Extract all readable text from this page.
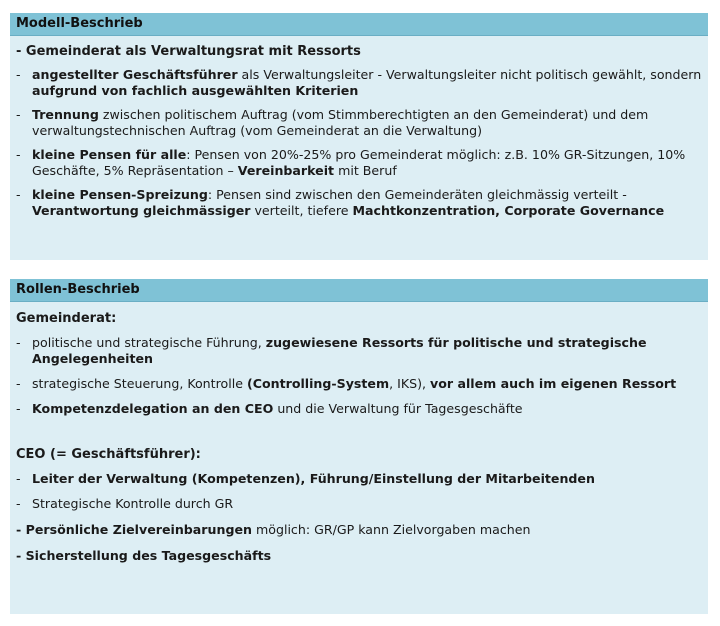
Modell-Beschrieb
- Gemeinderat als Verwaltungsrat mit Ressorts
- angestellter Geschäftsführer als Verwaltungsleiter - Verwaltungsleiter nicht politisch gewählt, sondern aufgrund von fachlich ausgewählten Kriterien
- Trennung zwischen politischem Auftrag (vom Stimmberechtigten an den Gemeinderat) und dem verwaltungstechnischen Auftrag (vom Gemeinderat an die Verwaltung)
- kleine Pensen für alle: Pensen von 20%-25% pro Gemeinderat möglich: z.B. 10% GR-Sitzungen, 10% Geschäfte, 5% Repräsentation – Vereinbarkeit mit Beruf
- kleine Pensen-Spreizung: Pensen sind zwischen den Gemeinderäten gleichmässig verteilt - Verantwortung gleichmässiger verteilt, tiefere Machtkonzentration, Corporate Governance
Rollen-Beschrieb
Gemeinderat:
- politische und strategische Führung, zugewiesene Ressorts für politische und strategische Angelegenheiten
- strategische Steuerung, Kontrolle (Controlling-System, IKS), vor allem auch im eigenen Ressort
- Kompetenzdelegation an den CEO und die Verwaltung für Tagesgeschäfte
CEO (= Geschäftsführer):
- Leiter der Verwaltung (Kompetenzen), Führung/Einstellung der Mitarbeitenden
- Strategische Kontrolle durch GR
- Persönliche Zielvereinbarungen möglich: GR/GP kann Zielvorgaben machen
- Sicherstellung des Tagesgeschäfts
